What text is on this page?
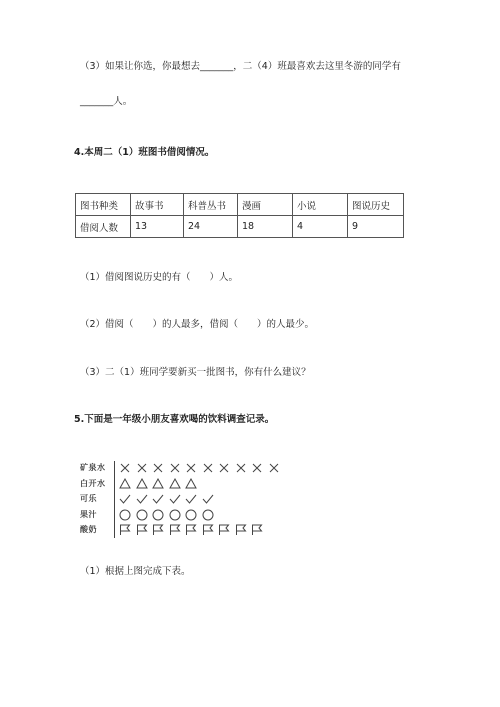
（3）如果让你选，你最想去_______，二（4）班最喜欢去这里冬游的同学有
_______人。
4.本周二（1）班图书借阅情况。
图书种类	故事书	科普丛书	漫画	小说	图说历史
借阅人数	13	24	18	4	9
（1）借阅图说历史的有（　　）人。
（2）借阅（　　）的人最多，借阅（　　）的人最少。
（3）二（1）班同学要新买一批图书，你有什么建议？
5.下面是一年级小朋友喜欢喝的饮料调查记录。
矿泉水
白开水
可乐
果汁
酸奶
（1）根据上图完成下表。
